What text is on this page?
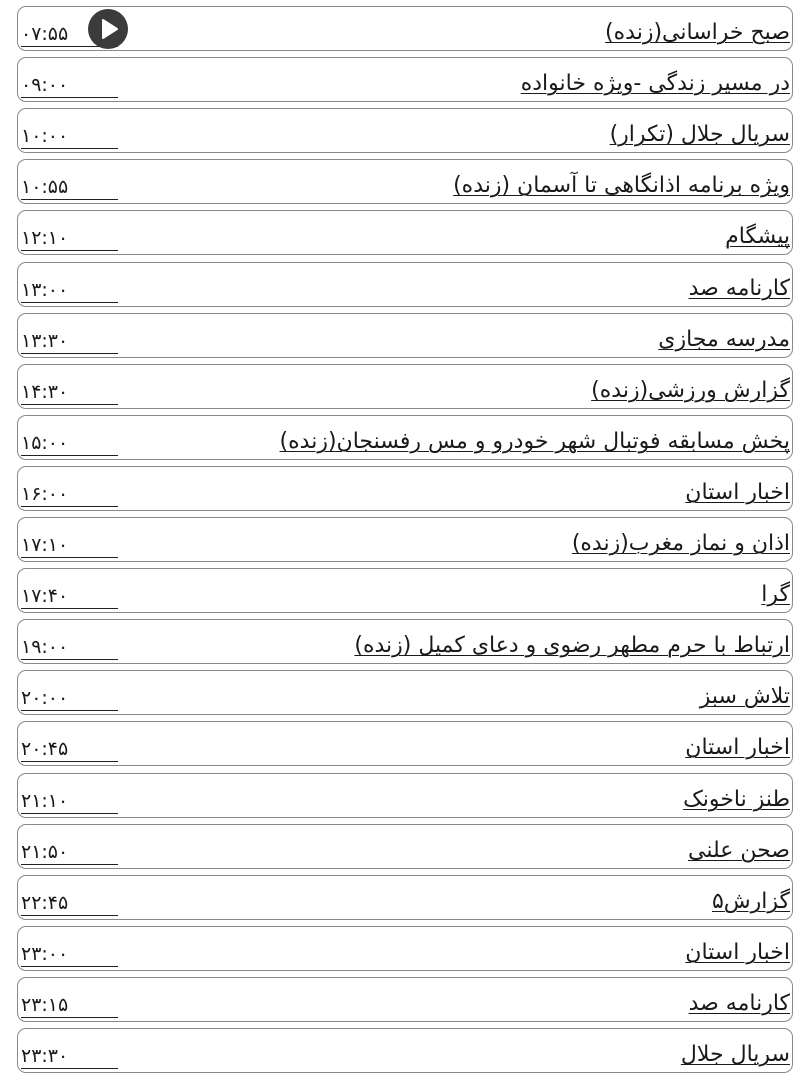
صبح خراسانی(زنده)
۰۷:۵۵
در مسیر زندگی -ویژه خانواده
۰۹:۰۰
سریال جلال (تکرار)
۱۰:۰۰
ویژه برنامه اذانگاهی تا آسمان (زنده)
۱۰:۵۵
پیشگام
۱۲:۱۰
کارنامه صد
۱۳:۰۰
مدرسه مجازی
۱۳:۳۰
گزارش ورزشی(زنده)
۱۴:۳۰
پخش مسابقه فوتبال شهر خودرو و مس رفسنجان(زنده)
۱۵:۰۰
اخبار استان
۱۶:۰۰
اذان و نماز مغرب(زنده)
۱۷:۱۰
گرا
۱۷:۴۰
ارتباط با حرم مطهر رضوی و دعای کمیل (زنده)
۱۹:۰۰
تلاش سبز
۲۰:۰۰
اخبار استان
۲۰:۴۵
طنز ناخونک
۲۱:۱۰
صحن علنی
۲۱:۵۰
گزارش۵
۲۲:۴۵
اخبار استان
۲۳:۰۰
کارنامه صد
۲۳:۱۵
سریال جلال
۲۳:۳۰
